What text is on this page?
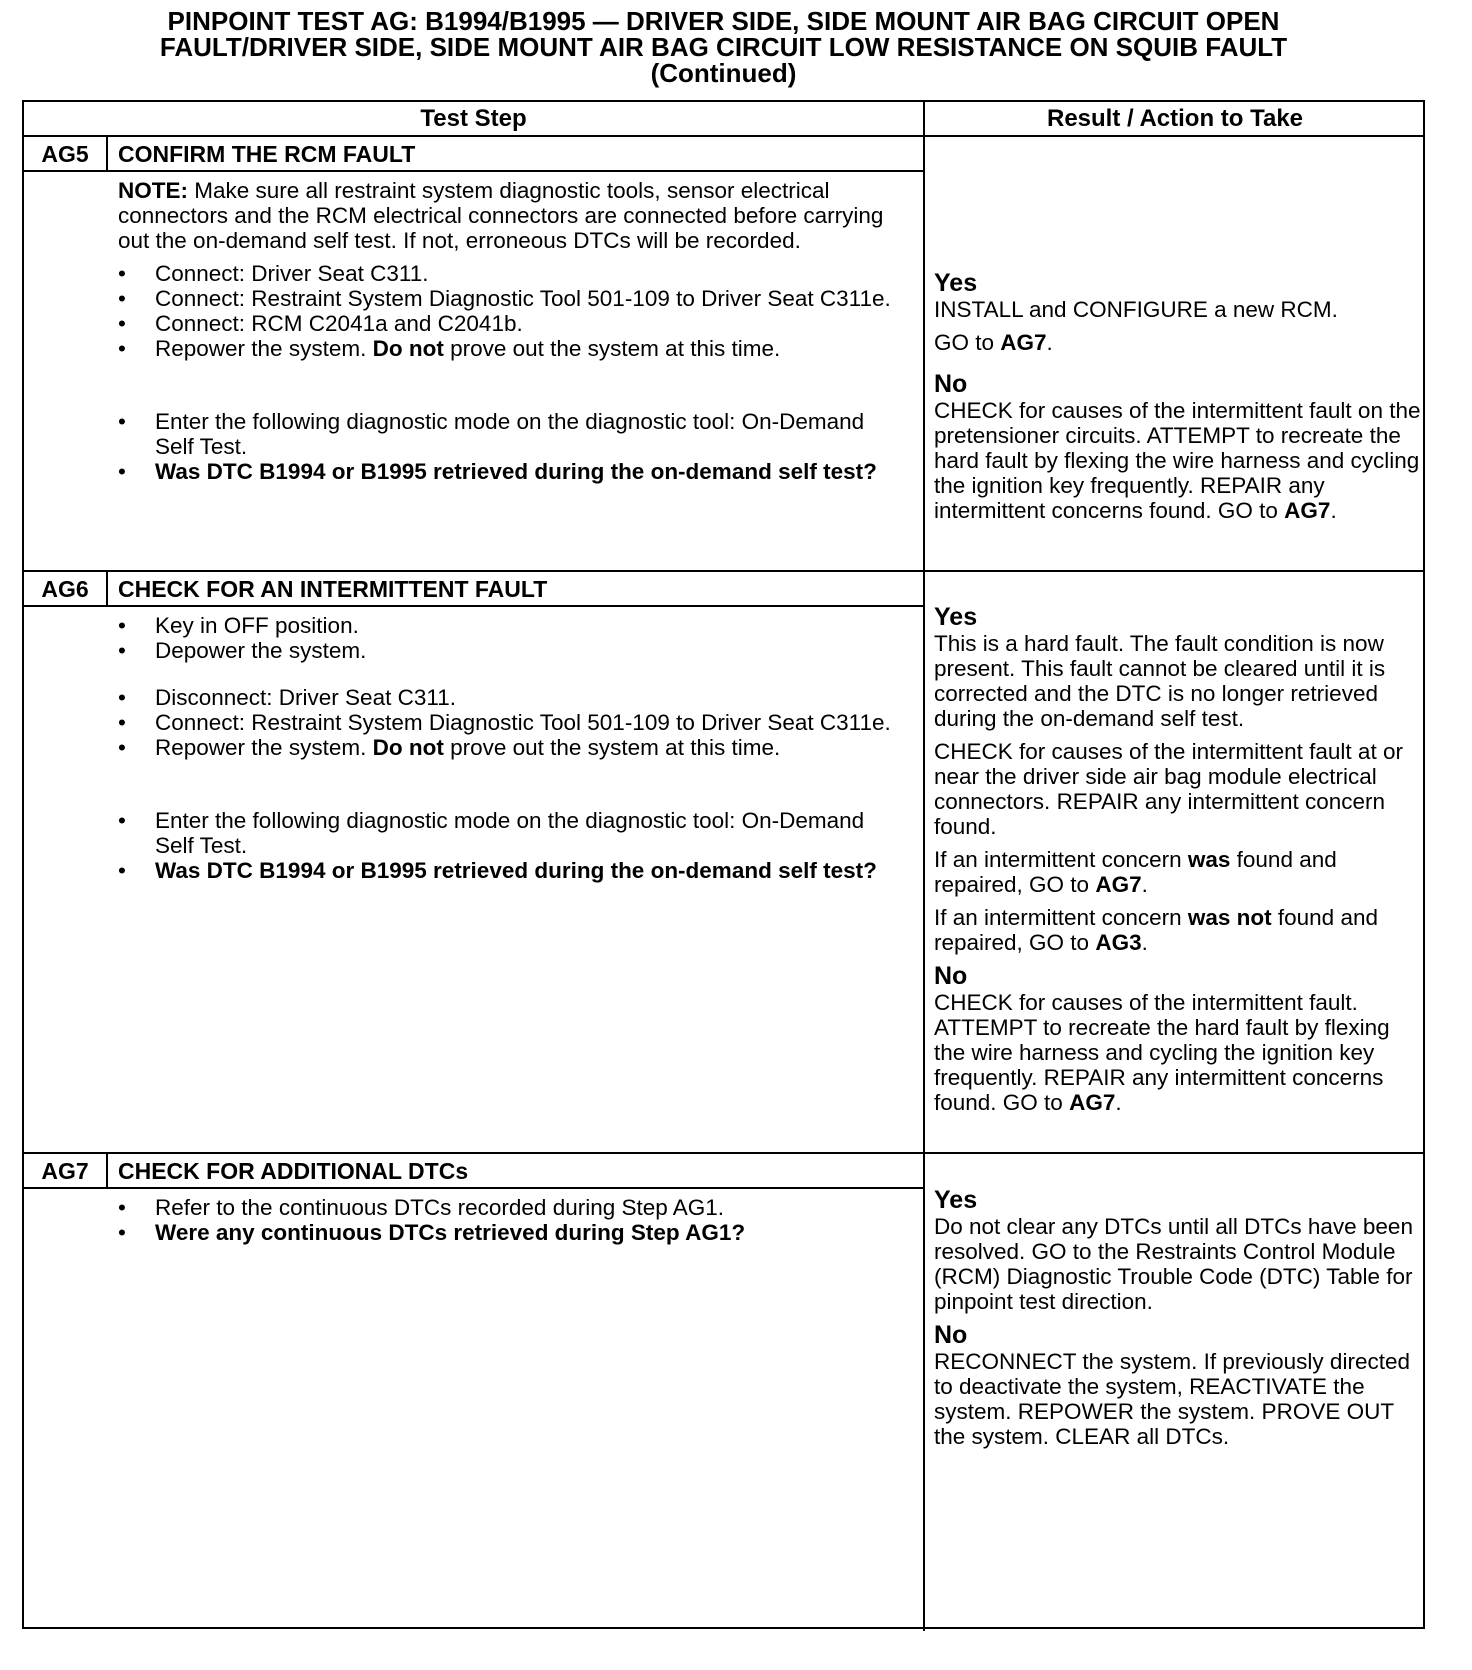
PINPOINT TEST AG: B1994/B1995 — DRIVER SIDE, SIDE MOUNT AIR BAG CIRCUIT OPEN
FAULT/DRIVER SIDE, SIDE MOUNT AIR BAG CIRCUIT LOW RESISTANCE ON SQUIB FAULT
(Continued)
Test Step	Result / Action to Take
AG5	CONFIRM THE RCM FAULT

NOTE: Make sure all restraint system diagnostic tools, sensor electrical connectors and the RCM electrical connectors are connected before carrying out the on-demand self test. If not, erroneous DTCs will be recorded.

• Connect: Driver Seat C311.

• Connect: Restraint System Diagnostic Tool 501-109 to Driver Seat C311e.

• Connect: RCM C2041a and C2041b.

• Repower the system. Do not prove out the system at this time.

• Enter the following diagnostic mode on the diagnostic tool: On-Demand Self Test.

• Was DTC B1994 or B1995 retrieved during the on-demand self test?

Yes

INSTALL and CONFIGURE a new RCM.

GO to AG7.

No

CHECK for causes of the intermittent fault on the pretensioner circuits. ATTEMPT to recreate the hard fault by flexing the wire harness and cycling the ignition key frequently. REPAIR any intermittent concerns found. GO to AG7.

AG6	CHECK FOR AN INTERMITTENT FAULT

• Key in OFF position.

• Depower the system.

• Disconnect: Driver Seat C311.

• Connect: Restraint System Diagnostic Tool 501-109 to Driver Seat C311e.

• Repower the system. Do not prove out the system at this time.

• Enter the following diagnostic mode on the diagnostic tool: On-Demand Self Test.

• Was DTC B1994 or B1995 retrieved during the on-demand self test?

Yes

This is a hard fault. The fault condition is now present. This fault cannot be cleared until it is corrected and the DTC is no longer retrieved during the on-demand self test.

CHECK for causes of the intermittent fault at or near the driver side air bag module electrical connectors. REPAIR any intermittent concern found.

If an intermittent concern was found and repaired, GO to AG7.

If an intermittent concern was not found and repaired, GO to AG3.

No

CHECK for causes of the intermittent fault. ATTEMPT to recreate the hard fault by flexing the wire harness and cycling the ignition key frequently. REPAIR any intermittent concerns found. GO to AG7.

AG7	CHECK FOR ADDITIONAL DTCs

• Refer to the continuous DTCs recorded during Step AG1.

• Were any continuous DTCs retrieved during Step AG1?

Yes

Do not clear any DTCs until all DTCs have been resolved. GO to the Restraints Control Module (RCM) Diagnostic Trouble Code (DTC) Table for pinpoint test direction.

No

RECONNECT the system. If previously directed to deactivate the system, REACTIVATE the system. REPOWER the system. PROVE OUT the system. CLEAR all DTCs.
